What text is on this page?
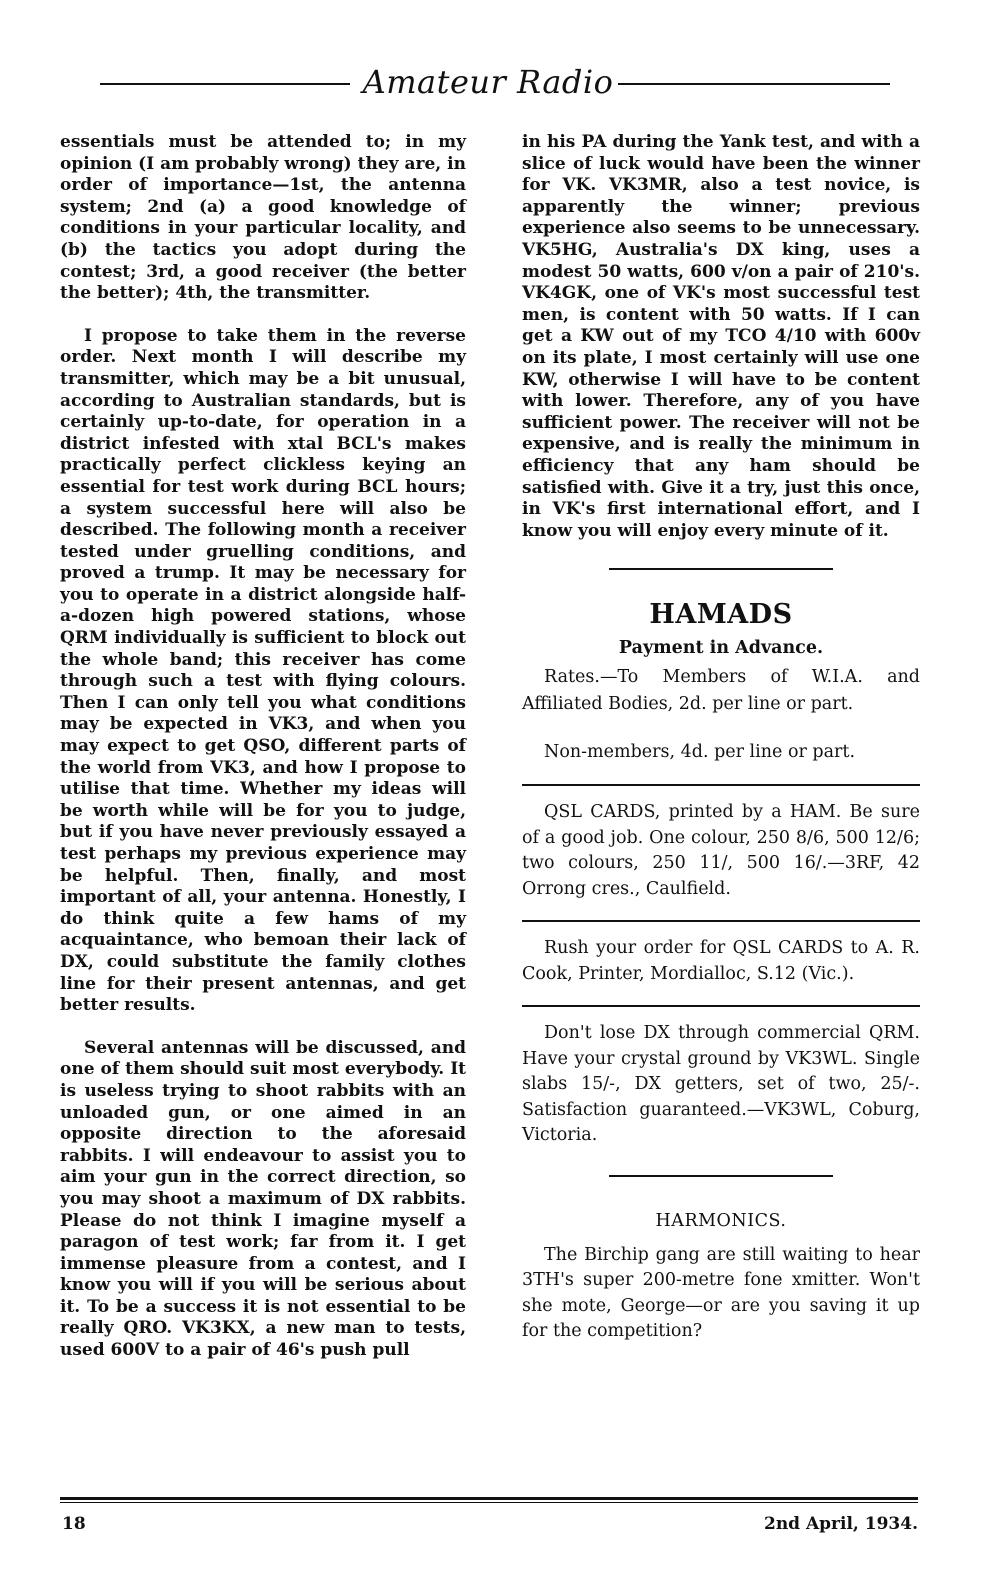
Amateur Radio

essentials must be attended to; in my opinion (I am probably wrong) they are, in order of importance—1st, the antenna system; 2nd (a) a good knowledge of conditions in your particular locality, and (b) the tactics you adopt during the contest; 3rd, a good receiver (the better the better); 4th, the transmitter.

I propose to take them in the reverse order. Next month I will describe my transmitter, which may be a bit unusual, according to Australian standards, but is certainly up-to-date, for operation in a district infested with xtal BCL's makes practically perfect clickless keying an essential for test work during BCL hours; a system successful here will also be described. The following month a receiver tested under gruelling conditions, and proved a trump. It may be necessary for you to operate in a district alongside half-a-dozen high powered stations, whose QRM individually is sufficient to block out the whole band; this receiver has come through such a test with flying colours. Then I can only tell you what conditions may be expected in VK3, and when you may expect to get QSO, different parts of the world from VK3, and how I propose to utilise that time. Whether my ideas will be worth while will be for you to judge, but if you have never previously essayed a test perhaps my previous experience may be helpful. Then, finally, and most important of all, your antenna. Honestly, I do think quite a few hams of my acquaintance, who bemoan their lack of DX, could substitute the family clothes line for their present antennas, and get better results.

Several antennas will be discussed, and one of them should suit most everybody. It is useless trying to shoot rabbits with an unloaded gun, or one aimed in an opposite direction to the aforesaid rabbits. I will endeavour to assist you to aim your gun in the correct direction, so you may shoot a maximum of DX rabbits. Please do not think I imagine myself a paragon of test work; far from it. I get immense pleasure from a contest, and I know you will if you will be serious about it. To be a success it is not essential to be really QRO. VK3KX, a new man to tests, used 600V to a pair of 46's push pull

in his PA during the Yank test, and with a slice of luck would have been the winner for VK. VK3MR, also a test novice, is apparently the winner; previous experience also seems to be unnecessary. VK5HG, Australia's DX king, uses a modest 50 watts, 600 v/on a pair of 210's. VK4GK, one of VK's most successful test men, is content with 50 watts. If I can get a KW out of my TCO 4/10 with 600v on its plate, I most certainly will use one KW, otherwise I will have to be content with lower. Therefore, any of you have sufficient power. The receiver will not be expensive, and is really the minimum in efficiency that any ham should be satisfied with. Give it a try, just this once, in VK's first international effort, and I know you will enjoy every minute of it.

HAMADS
Payment in Advance.

Rates.—To Members of W.I.A. and Affiliated Bodies, 2d. per line or part.

Non-members, 4d. per line or part.

QSL CARDS, printed by a HAM. Be sure of a good job. One colour, 250 8/6, 500 12/6; two colours, 250 11/, 500 16/.—3RF, 42 Orrong cres., Caulfield.

Rush your order for QSL CARDS to A. R. Cook, Printer, Mordialloc, S.12 (Vic.).

Don't lose DX through commercial QRM. Have your crystal ground by VK3WL. Single slabs 15/-, DX getters, set of two, 25/-. Satisfaction guaranteed.—VK3WL, Coburg, Victoria.

HARMONICS.

The Birchip gang are still waiting to hear 3TH's super 200-metre fone xmitter. Won't she mote, George—or are you saving it up for the competition?

18	2nd April, 1934.
